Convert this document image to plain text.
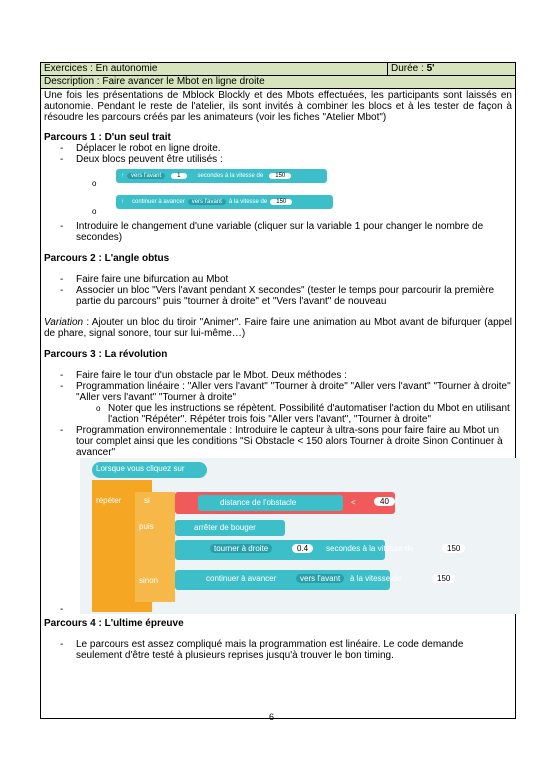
Exercices : En autonomie	Durée : 5'
Description : Faire avancer le Mbot en ligne droite

Une fois les présentations de Mblock Blockly et des Mbots effectuées, les participants sont laissés en autonomie. Pendant le reste de l'atelier, ils sont invités à combiner les blocs et à les tester de façon à résoudre les parcours créés par les animateurs (voir les fiches "Atelier Mbot")

Parcours 1 : D'un seul trait

- Déplacer le robot en ligne droite.
- Deux blocs peuvent être utilisés :
o
o
↑	vers l'avant	1	secondes à la vitesse de	150
↑ continuer à avancer	vers l'avant	à la vitesse de	150
- Introduire le changement d'une variable (cliquer sur la variable 1 pour changer le nombre de secondes)

Parcours 2 : L'angle obtus

- Faire faire une bifurcation au Mbot
- Associer un bloc "Vers l'avant pendant X secondes" (tester le temps pour parcourir la première partie du parcours" puis "tourner à droite" et "Vers l'avant" de nouveau

Variation : Ajouter un bloc du tiroir "Animer". Faire faire une animation au Mbot avant de bifurquer (appel de phare, signal sonore, tour sur lui-même…)

Parcours 3 : La révolution

- Faire faire le tour d'un obstacle par le Mbot. Deux méthodes :
- Programmation linéaire : "Aller vers l'avant" "Tourner à droite" "Aller vers l'avant" "Tourner à droite" "Aller vers l'avant" "Tourner à droite"
o Noter que les instructions se répètent. Possibilité d'automatiser l'action du Mbot en utilisant l'action "Répéter". Répéter trois fois "Aller vers l'avant", "Tourner à droite"
- Programmation environnementale : Introduire le capteur à ultra-sons pour faire faire au Mbot un tour complet ainsi que les conditions "Si Obstacle < 150 alors Tourner à droite Sinon Continuer à avancer"
Lorsque vous cliquez sur
répéter	si
puis
sinon
distance de l'obstacle	<	40
arrêter de bouger
tourner à droite	0.4	secondes à la vitesse de	150
continuer à avancer	vers l'avant	à la vitesse de	150
-

Parcours 4 : L'ultime épreuve

- Le parcours est assez compliqué mais la programmation est linéaire. Le code demande seulement d'être testé à plusieurs reprises jusqu'à trouver le bon timing.
6
